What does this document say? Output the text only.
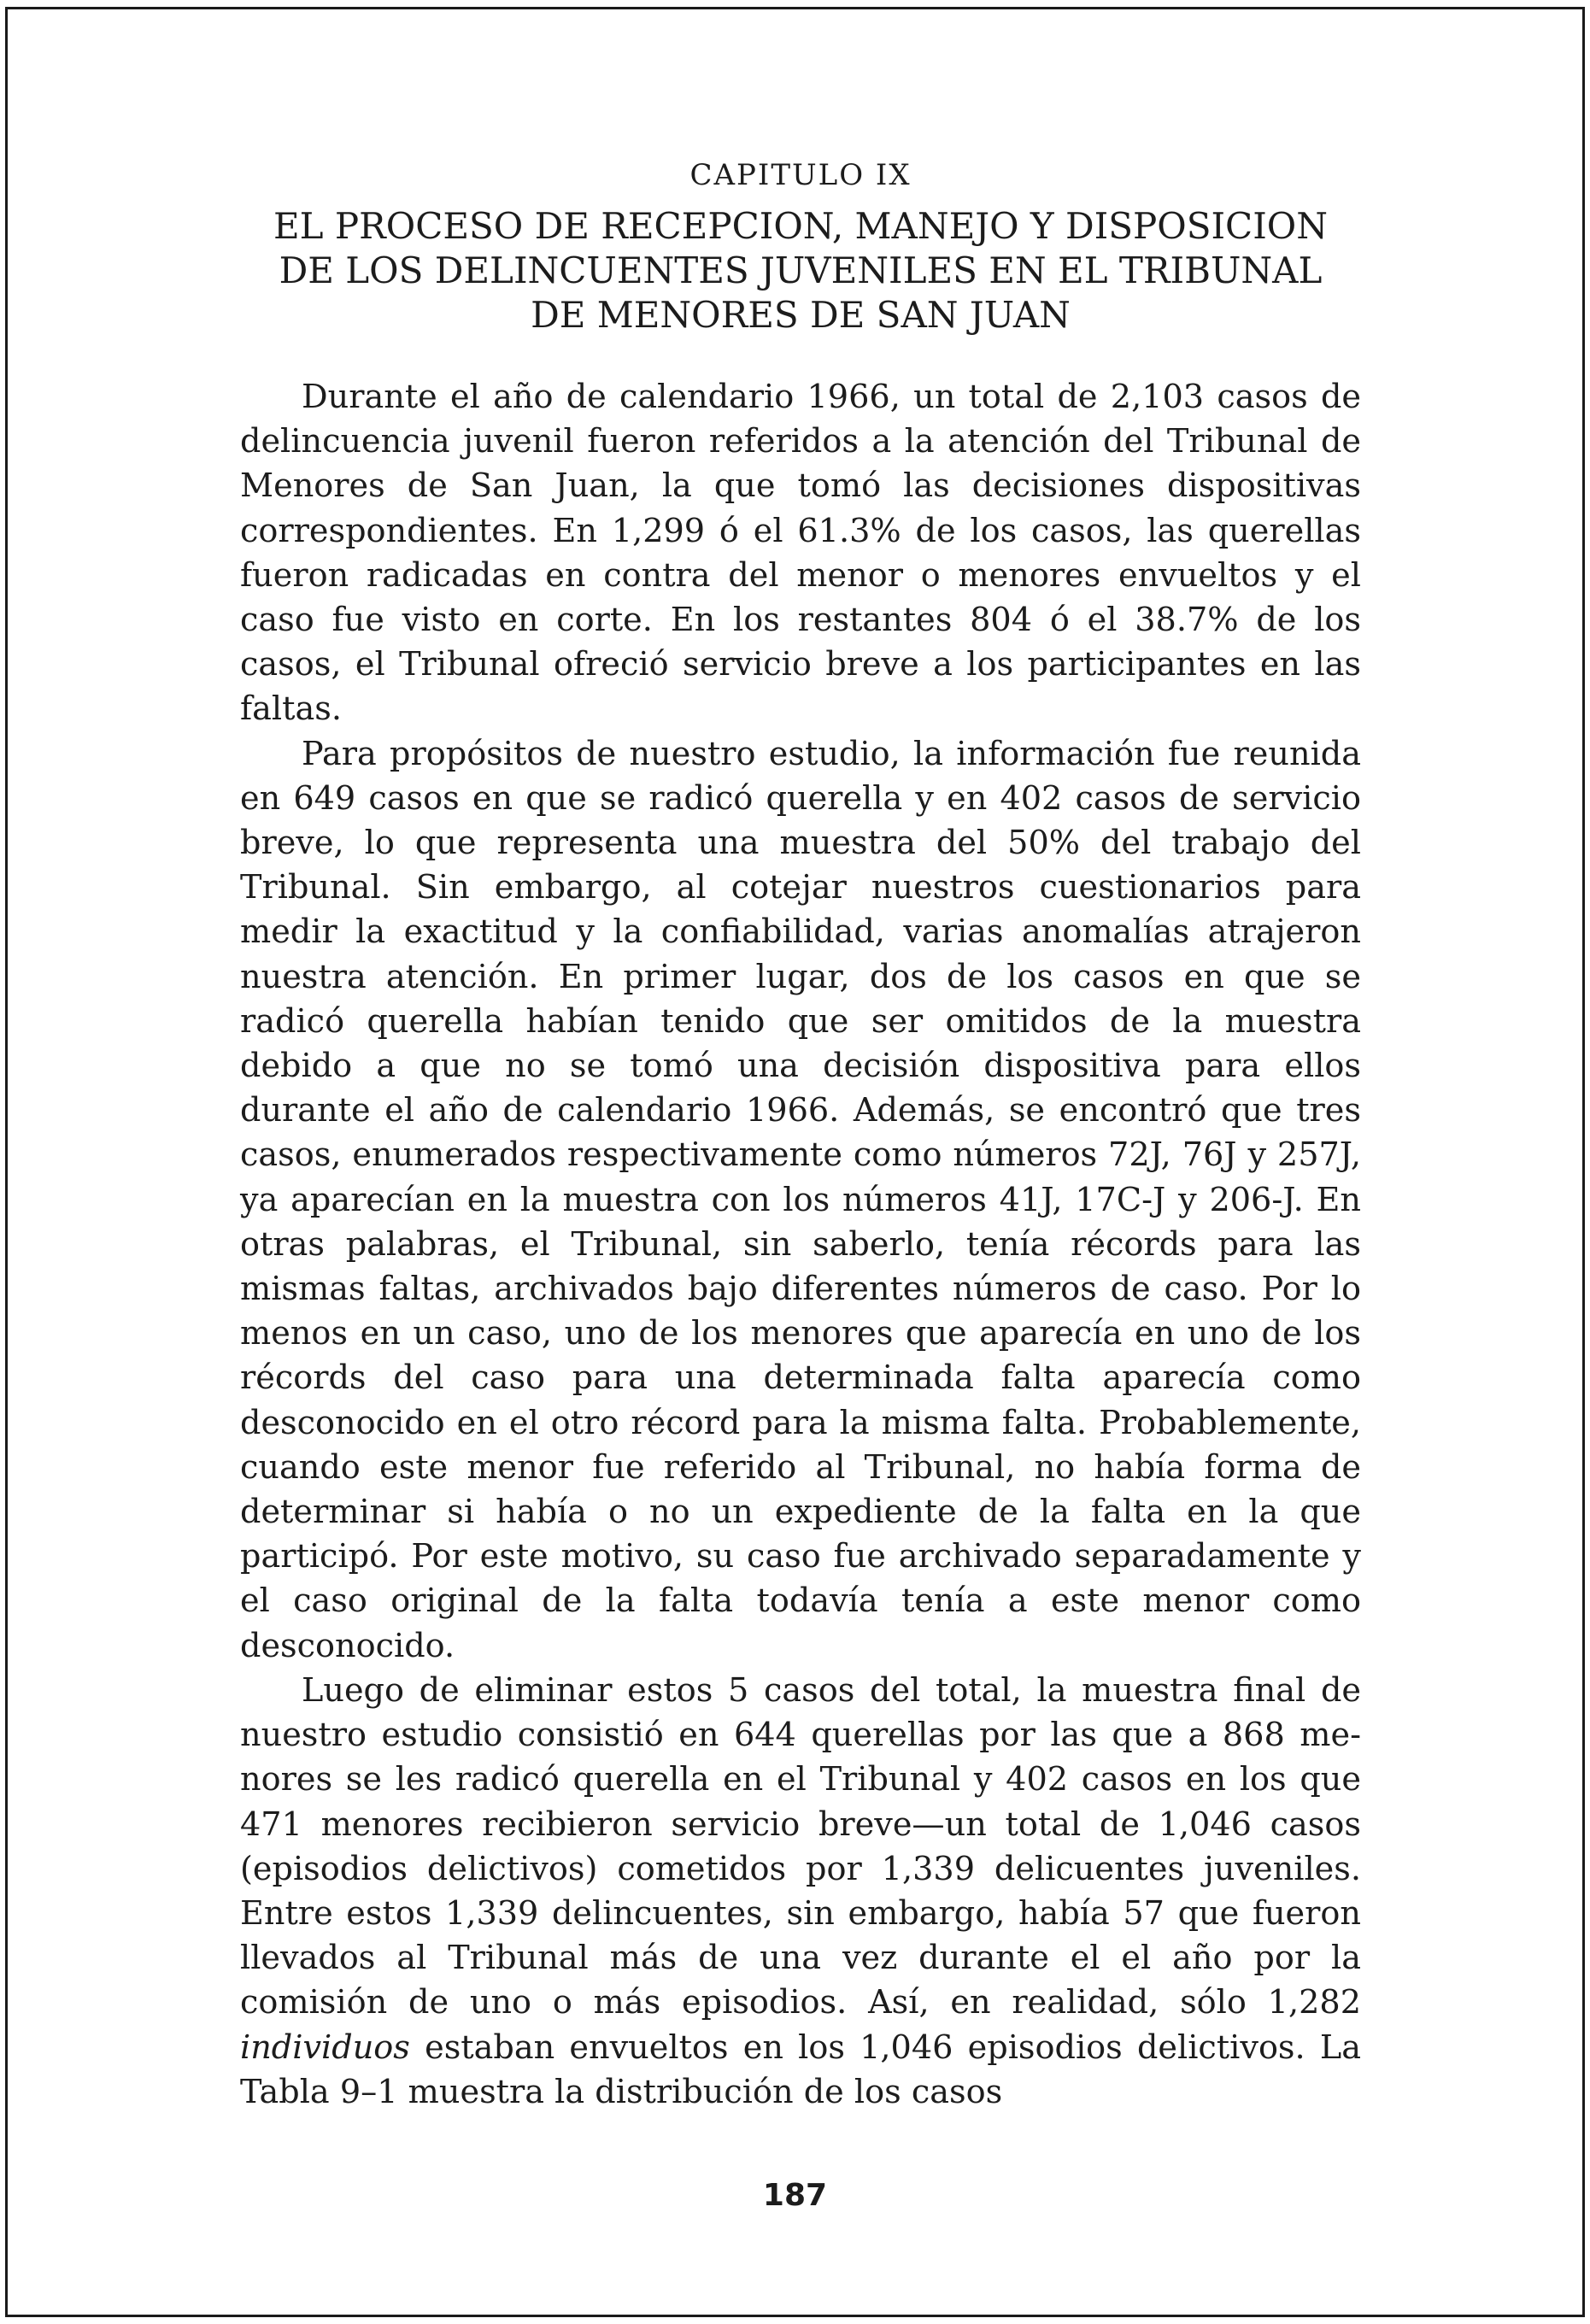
CAPITULO IX
EL PROCESO DE RECEPCION, MANEJO Y DISPOSICION
DE LOS DELINCUENTES JUVENILES EN EL TRIBUNAL
DE MENORES DE SAN JUAN

Durante el año de calendario 1966, un total de 2,103 casos de delincuencia juvenil fueron referidos a la atención del Tribunal de Menores de San Juan, la que tomó las decisiones dispositivas correspondientes. En 1,299 ó el 61.3% de los casos, las querellas fueron radicadas en contra del menor o menores envueltos y el caso fue visto en corte. En los restantes 804 ó el 38.7% de los casos, el Tribunal ofreció servicio breve a los participantes en las faltas.

Para propósitos de nuestro estudio, la información fue reunida en 649 casos en que se radicó querella y en 402 casos de servicio breve, lo que representa una muestra del 50% del trabajo del Tribunal. Sin embargo, al cotejar nuestros cuestionarios para medir la exactitud y la confiabilidad, varias anomalías atrajeron nuestra atención. En primer lugar, dos de los casos en que se radicó querella habían tenido que ser omitidos de la muestra debido a que no se tomó una decisión dispositiva para ellos durante el año de calendario 1966. Además, se encontró que tres casos, enumerados respectivamente como números 72J, 76J y 257J, ya aparecían en la muestra con los números 41J, 17C-J y 206-J. En otras palabras, el Tribunal, sin saberlo, tenía récords para las mismas faltas, archivados bajo diferentes números de caso. Por lo menos en un caso, uno de los menores que aparecía en uno de los récords del caso para una determinada falta aparecía como desconocido en el otro récord para la misma falta. Probablemente, cuando este menor fue referido al Tribunal, no había forma de determinar si había o no un expediente de la falta en la que participó. Por este motivo, su caso fue archivado separadamente y el caso original de la falta todavía tenía a este menor como desconocido.

Luego de eliminar estos 5 casos del total, la muestra final de nuestro estudio consistió en 644 querellas por las que a 868 menores se les radicó querella en el Tribunal y 402 casos en los que 471 menores recibieron servicio breve—un total de 1,046 casos (episodios delictivos) cometidos por 1,339 delicuentes juveniles. Entre estos 1,339 delincuentes, sin embargo, había 57 que fueron llevados al Tribunal más de una vez durante el el año por la comisión de uno o más episodios. Así, en realidad, sólo 1,282 individuos estaban envueltos en los 1,046 episodios delictivos. La Tabla 9–1 muestra la distribución de los casos

187
